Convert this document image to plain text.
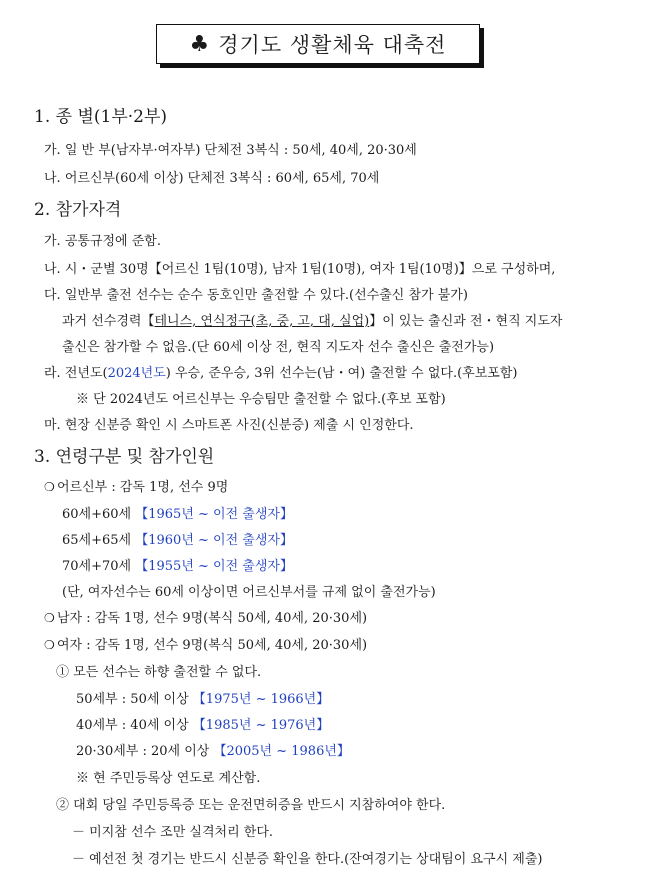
♣ 경기도 생활체육 대축전
1. 종 별(1부·2부)
가. 일 반 부(남자부·여자부) 단체전 3복식 : 50세, 40세, 20·30세
나. 어르신부(60세 이상) 단체전 3복식 : 60세, 65세, 70세
2. 참가자격
가. 공통규정에 준함.
나. 시・군별 30명【어르신 1팀(10명), 남자 1팀(10명), 여자 1팀(10명)】으로 구성하며,
다. 일반부 출전 선수는 순수 동호인만 출전할 수 있다.(선수출신 참가 불가)
과거 선수경력【테니스, 연식정구(초, 중, 고, 대, 실업)】이 있는 출신과 전・현직 지도자
출신은 참가할 수 없음.(단 60세 이상 전, 현직 지도자 선수 출신은 출전가능)
라. 전년도(2024년도) 우승, 준우승, 3위 선수는(남・여) 출전할 수 없다.(후보포함)
※ 단 2024년도 어르신부는 우승팀만 출전할 수 없다.(후보 포함)
마. 현장 신분증 확인 시 스마트폰 사진(신분증) 제출 시 인정한다.
3. 연령구분 및 참가인원
❍ 어르신부 : 감독 1명, 선수 9명
60세+60세 【1965년 ~ 이전 출생자】
65세+65세 【1960년 ~ 이전 출생자】
70세+70세 【1955년 ~ 이전 출생자】
(단, 여자선수는 60세 이상이면 어르신부서를 규제 없이 출전가능)
❍ 남자 : 감독 1명, 선수 9명(복식 50세, 40세, 20·30세)
❍ 여자 : 감독 1명, 선수 9명(복식 50세, 40세, 20·30세)
① 모든 선수는 하향 출전할 수 없다.
50세부 : 50세 이상 【1975년 ~ 1966년】
40세부 : 40세 이상 【1985년 ~ 1976년】
20·30세부 : 20세 이상 【2005년 ~ 1986년】
※ 현 주민등록상 연도로 계산함.
② 대회 당일 주민등록증 또는 운전면허증을 반드시 지참하여야 한다.
－ 미지참 선수 조만 실격처리 한다.
－ 예선전 첫 경기는 반드시 신분증 확인을 한다.(잔여경기는 상대팀이 요구시 제출)
